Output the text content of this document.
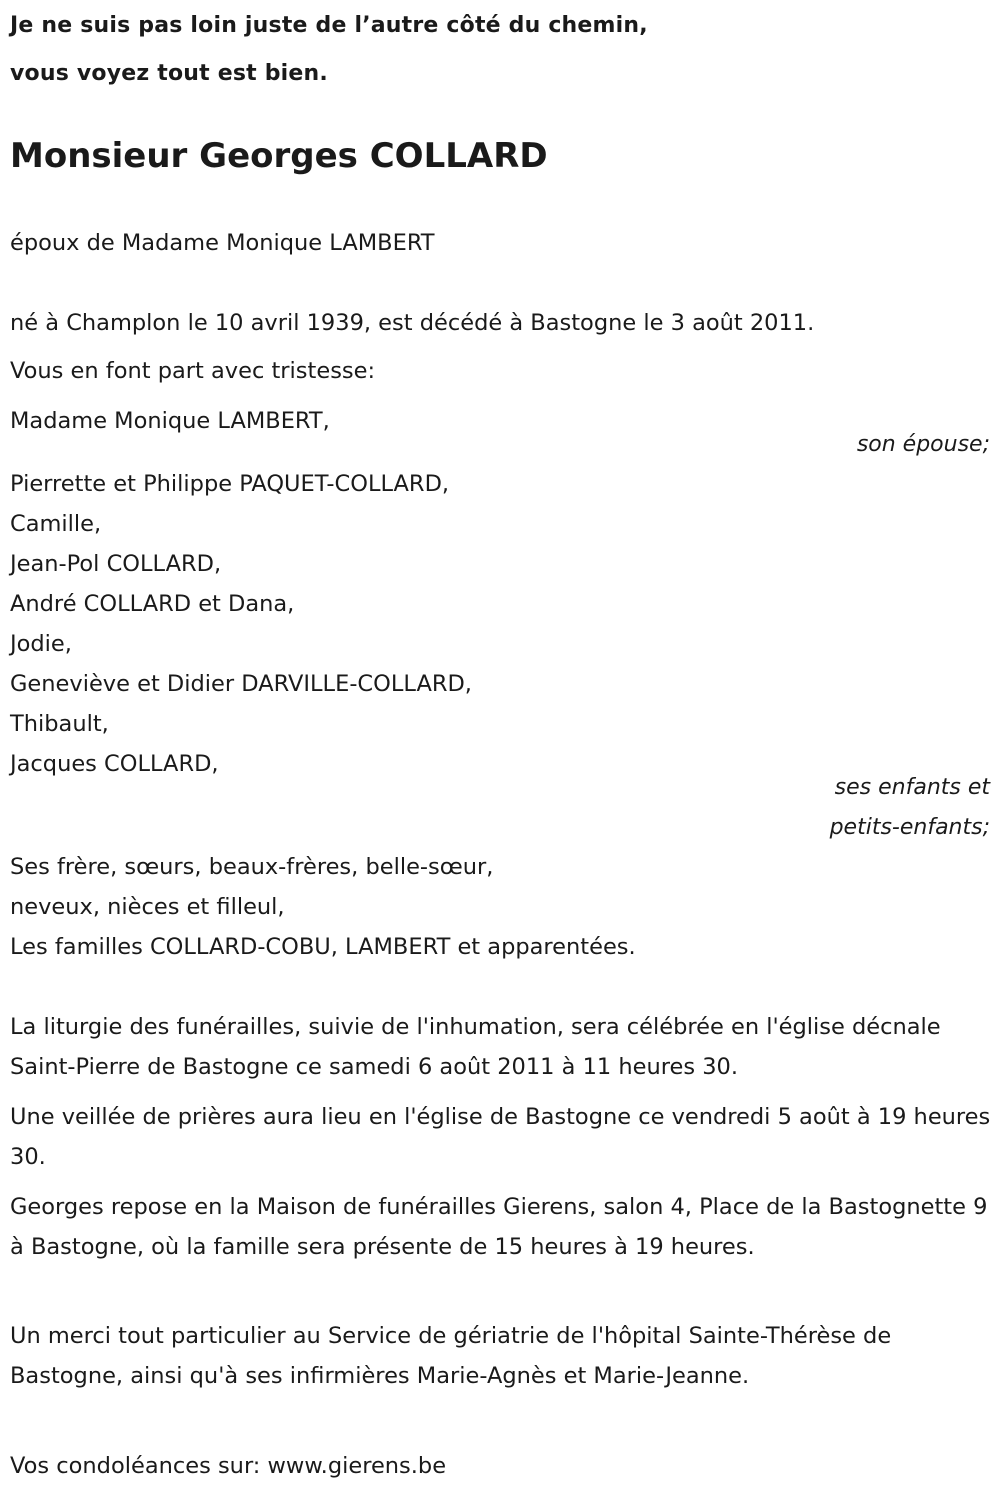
Je ne suis pas loin juste de l’autre côté du chemin,
vous voyez tout est bien.
Monsieur Georges COLLARD
époux de Madame Monique LAMBERT
né à Champlon le 10 avril 1939, est décédé à Bastogne le 3 août 2011.
Vous en font part avec tristesse:
Madame Monique LAMBERT,
son épouse;
Pierrette et Philippe PAQUET-COLLARD,
Camille,
Jean-Pol COLLARD,
André COLLARD et Dana,
Jodie,
Geneviève et Didier DARVILLE-COLLARD,
Thibault,
Jacques COLLARD,
ses enfants et
petits-enfants;
Ses frère, sœurs, beaux-frères, belle-sœur,
neveux, nièces et filleul,
Les familles COLLARD-COBU, LAMBERT et apparentées.
La liturgie des funérailles, suivie de l'inhumation, sera célébrée en l'église décnale Saint-Pierre de Bastogne ce samedi 6 août 2011 à 11 heures 30.
Une veillée de prières aura lieu en l'église de Bastogne ce vendredi 5 août à 19 heures 30.
Georges repose en la Maison de funérailles Gierens, salon 4, Place de la Bastognette 9 à Bastogne, où la famille sera présente de 15 heures à 19 heures.
Un merci tout particulier au Service de gériatrie de l'hôpital Sainte-Thérèse de Bastogne, ainsi qu'à ses infirmières Marie-Agnès et Marie-Jeanne.
Vos condoléances sur: www.gierens.be
